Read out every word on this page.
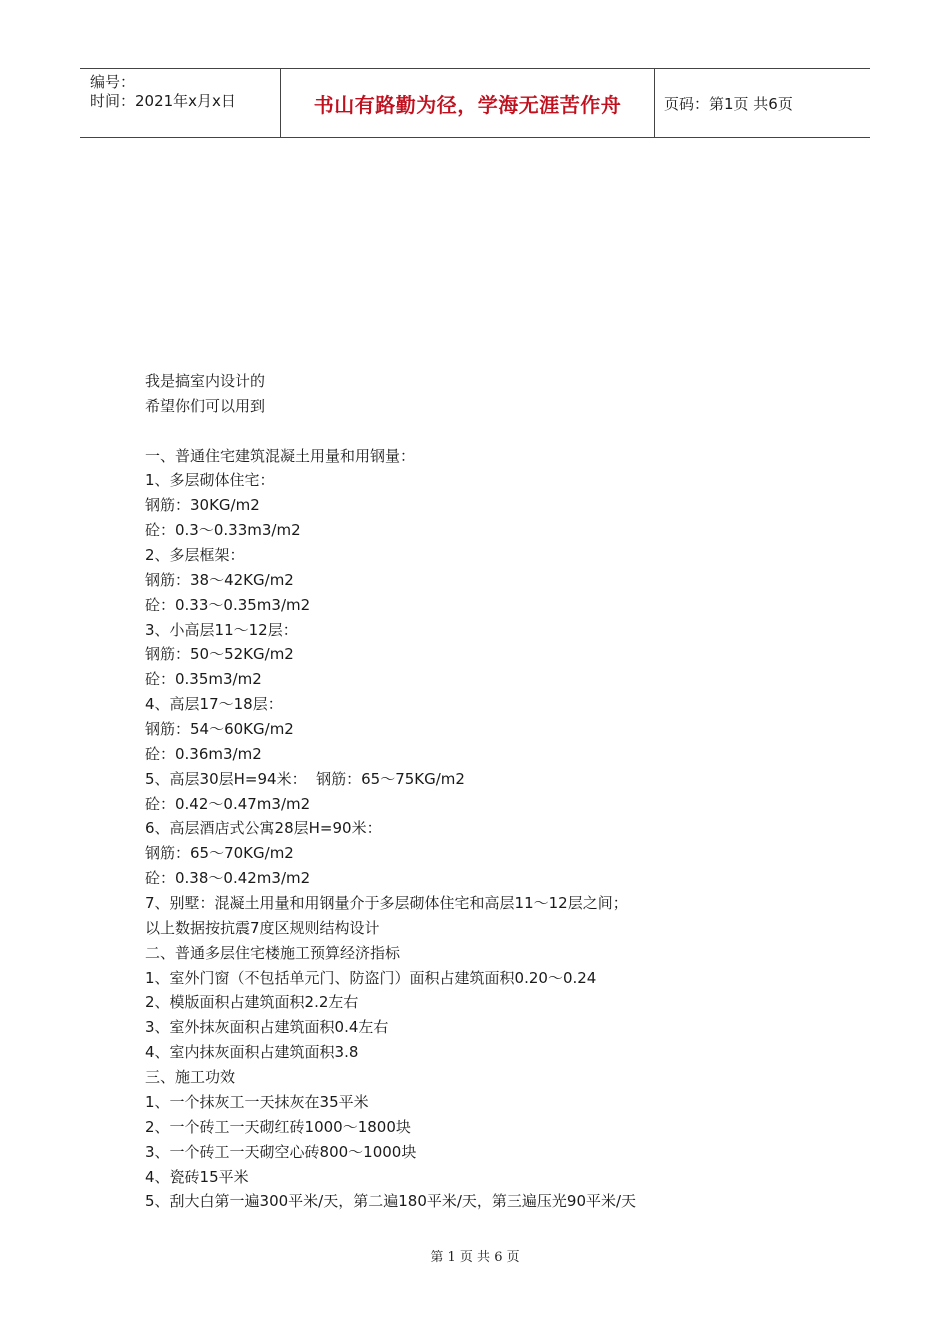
编号：
时间：2021年x月x日	书山有路勤为径，学海无涯苦作舟	页码：第1页 共6页
我是搞室内设计的
希望你们可以用到
一、普通住宅建筑混凝土用量和用钢量：
1、多层砌体住宅：
钢筋：30KG/m2
砼：0.3～0.33m3/m2
2、多层框架：
钢筋：38～42KG/m2
砼：0.33～0.35m3/m2
3、小高层11～12层：
钢筋：50～52KG/m2
砼：0.35m3/m2
4、高层17～18层：
钢筋：54～60KG/m2
砼：0.36m3/m2
5、高层30层H=94米：  钢筋：65～75KG/m2
砼：0.42～0.47m3/m2
6、高层酒店式公寓28层H=90米：
钢筋：65～70KG/m2
砼：0.38～0.42m3/m2
7、别墅：混凝土用量和用钢量介于多层砌体住宅和高层11～12层之间；
以上数据按抗震7度区规则结构设计
二、普通多层住宅楼施工预算经济指标
1、室外门窗（不包括单元门、防盗门）面积占建筑面积0.20～0.24
2、模版面积占建筑面积2.2左右
3、室外抹灰面积占建筑面积0.4左右
4、室内抹灰面积占建筑面积3.8
三、施工功效
1、一个抹灰工一天抹灰在35平米
2、一个砖工一天砌红砖1000～1800块
3、一个砖工一天砌空心砖800～1000块
4、瓷砖15平米
5、刮大白第一遍300平米/天，第二遍180平米/天，第三遍压光90平米/天
第 1 页 共 6 页
